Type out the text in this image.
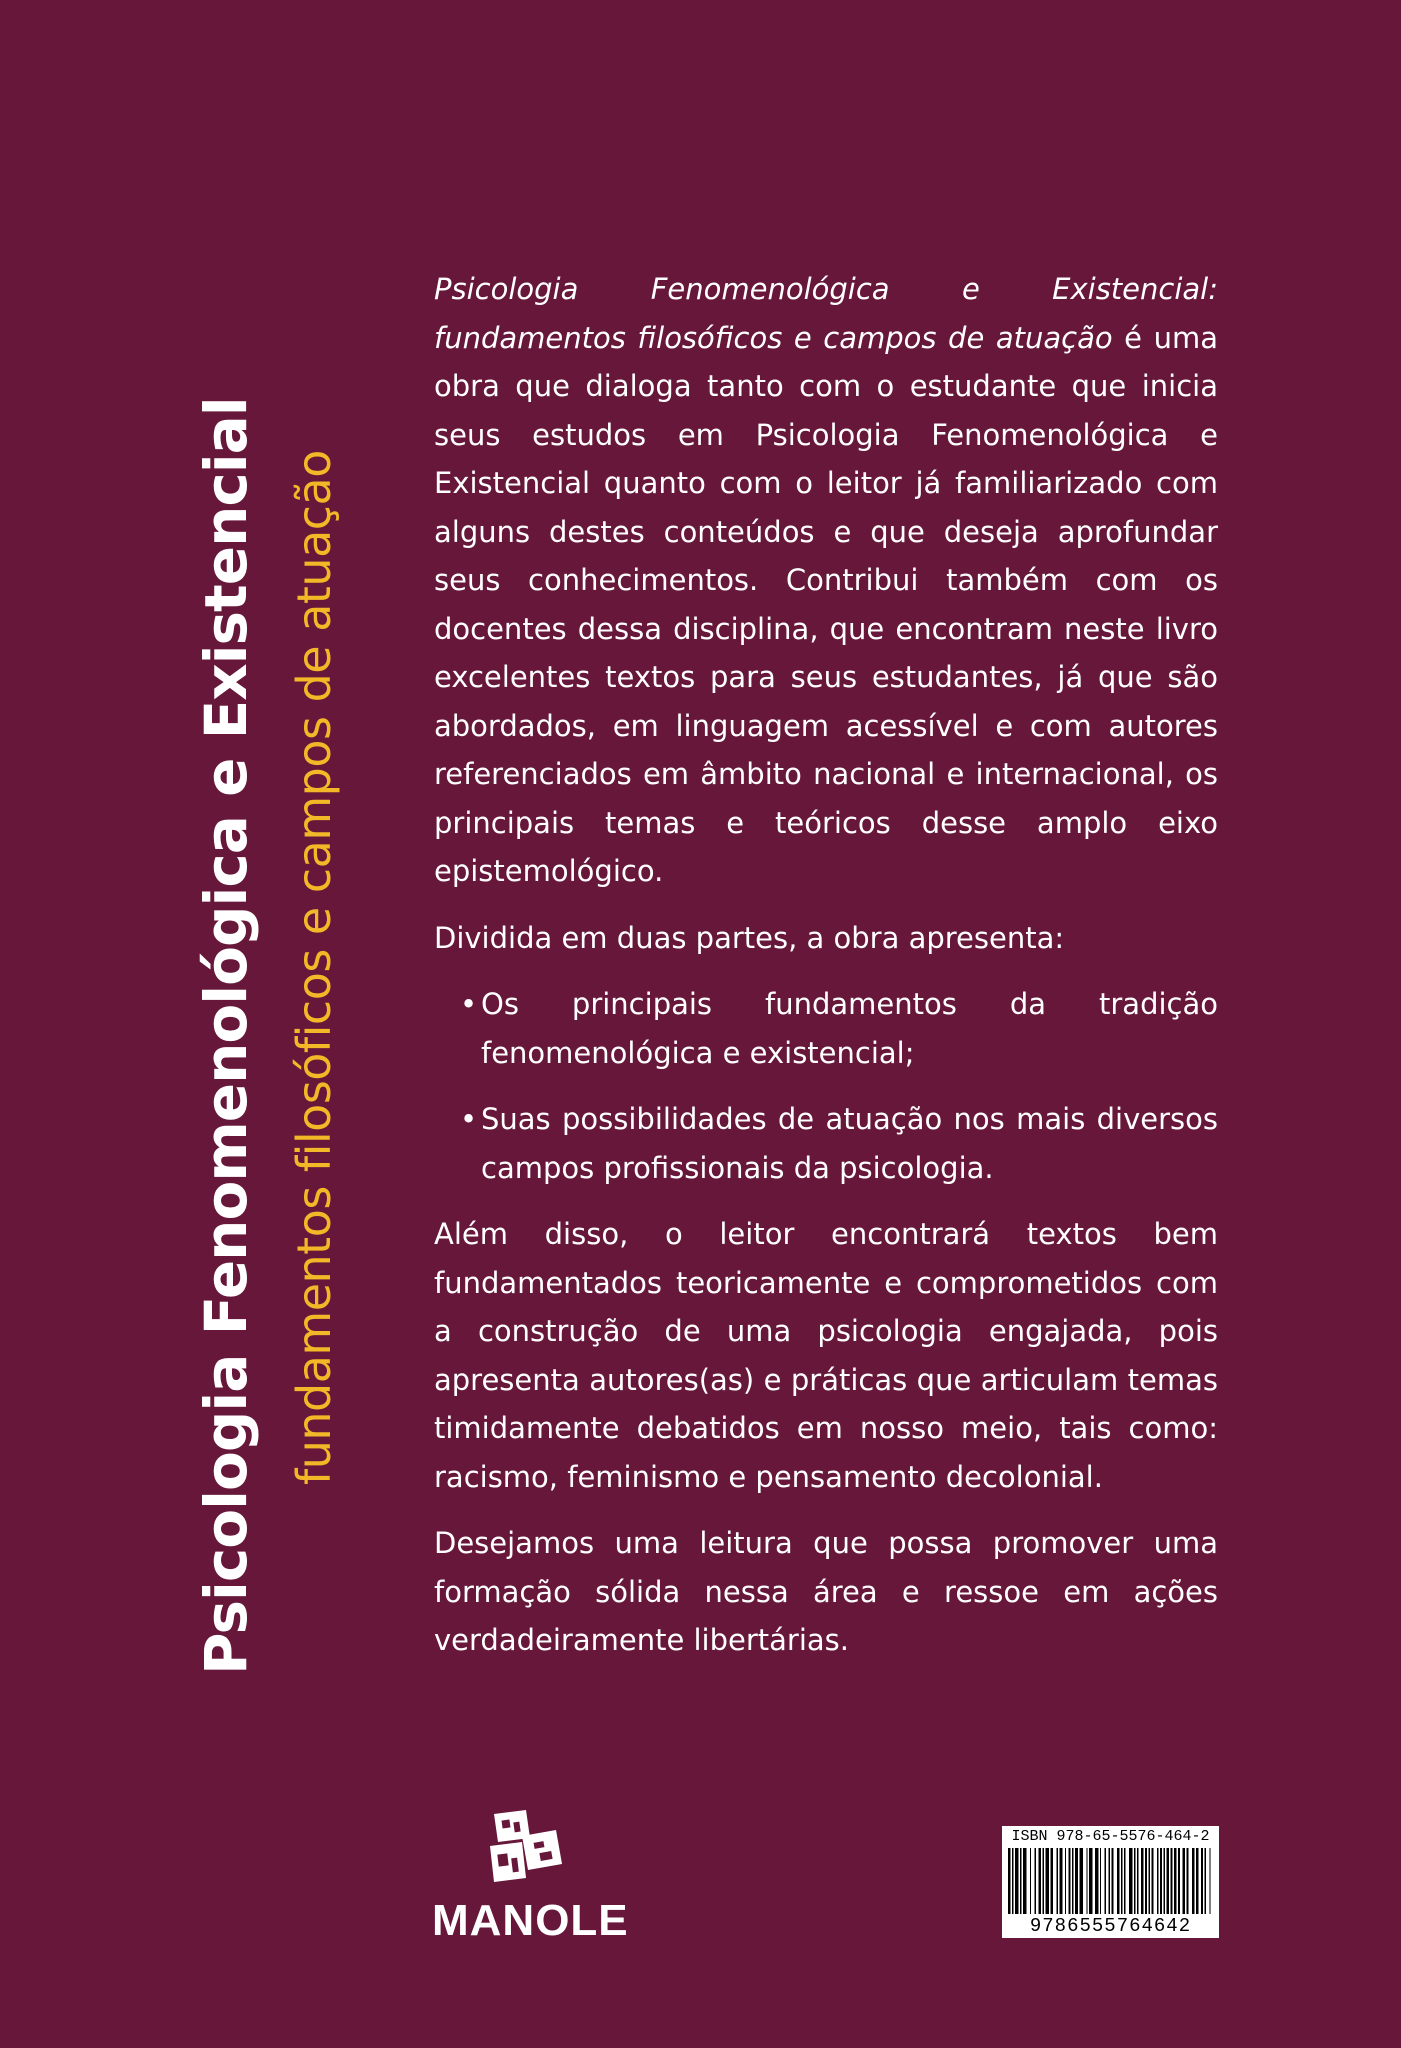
Psicologia Fenomenológica e Existencial fundamentos filosóficos e campos de atuação

Psicologia Fenomenológica e Existencial: fundamentos filosóficos e campos de atuação é uma obra que dialoga tanto com o estudante que inicia seus estudos em Psicologia Fenomenológica e Existencial quanto com o leitor já familiarizado com alguns destes conteúdos e que deseja aprofundar seus conhecimentos. Contribui também com os docentes dessa disciplina, que encontram neste livro excelentes textos para seus estudantes, já que são abordados, em linguagem acessível e com autores referenciados em âmbito nacional e internacional, os principais temas e teóricos desse amplo eixo epistemológico.

Dividida em duas partes, a obra apresenta:

• Os principais fundamentos da tradição fenomenológica e existencial;
• Suas possibilidades de atuação nos mais diversos campos profissionais da psicologia.

Além disso, o leitor encontrará textos bem fundamentados teoricamente e comprometidos com a construção de uma psicologia engajada, pois apresenta autores(as) e práticas que articulam temas timidamente debatidos em nosso meio, tais como: racismo, feminismo e pensamento decolonial.

Desejamos uma leitura que possa promover uma formação sólida nessa área e ressoe em ações verdadeiramente libertárias.

MANOLE
ISBN 978-65-5576-464-2
9786555764642
